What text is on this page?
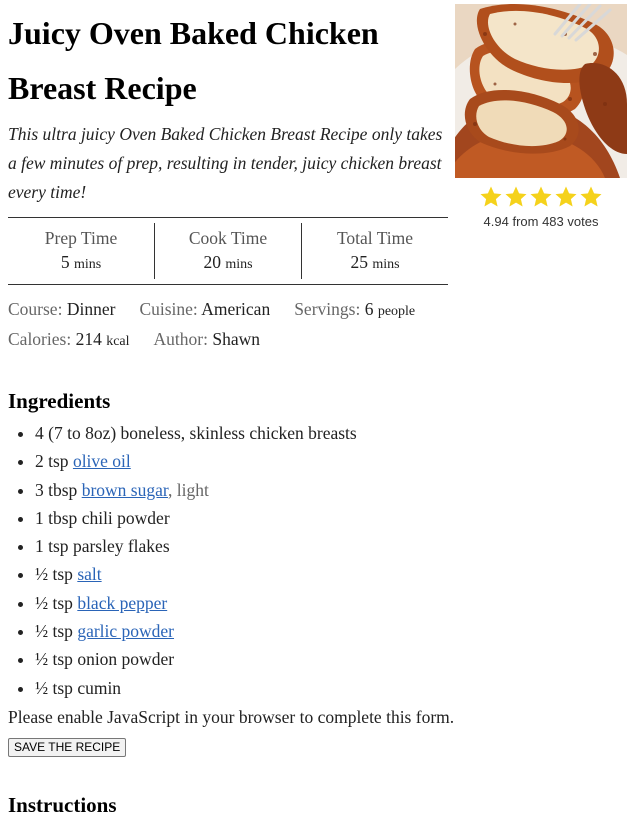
Juicy Oven Baked Chicken Breast Recipe

This ultra juicy Oven Baked Chicken Breast Recipe only takes a few minutes of prep, resulting in tender, juicy chicken breast every time!

4.94 from 483 votes
Prep Time
5 mins
Cook Time
20 mins
Total Time
25 mins
Course: Dinner Cuisine: American Servings: 6 people
Calories: 214 kcal Author: Shawn
Ingredients
• 4 (7 to 8oz) boneless, skinless chicken breasts
• 2 tsp olive oil
• 3 tbsp brown sugar, light
• 1 tbsp chili powder
• 1 tsp parsley flakes
• ½ tsp salt
• ½ tsp black pepper
• ½ tsp garlic powder
• ½ tsp onion powder
• ½ tsp cumin

Please enable JavaScript in your browser to complete this form.

SAVE THE RECIPE
Instructions
